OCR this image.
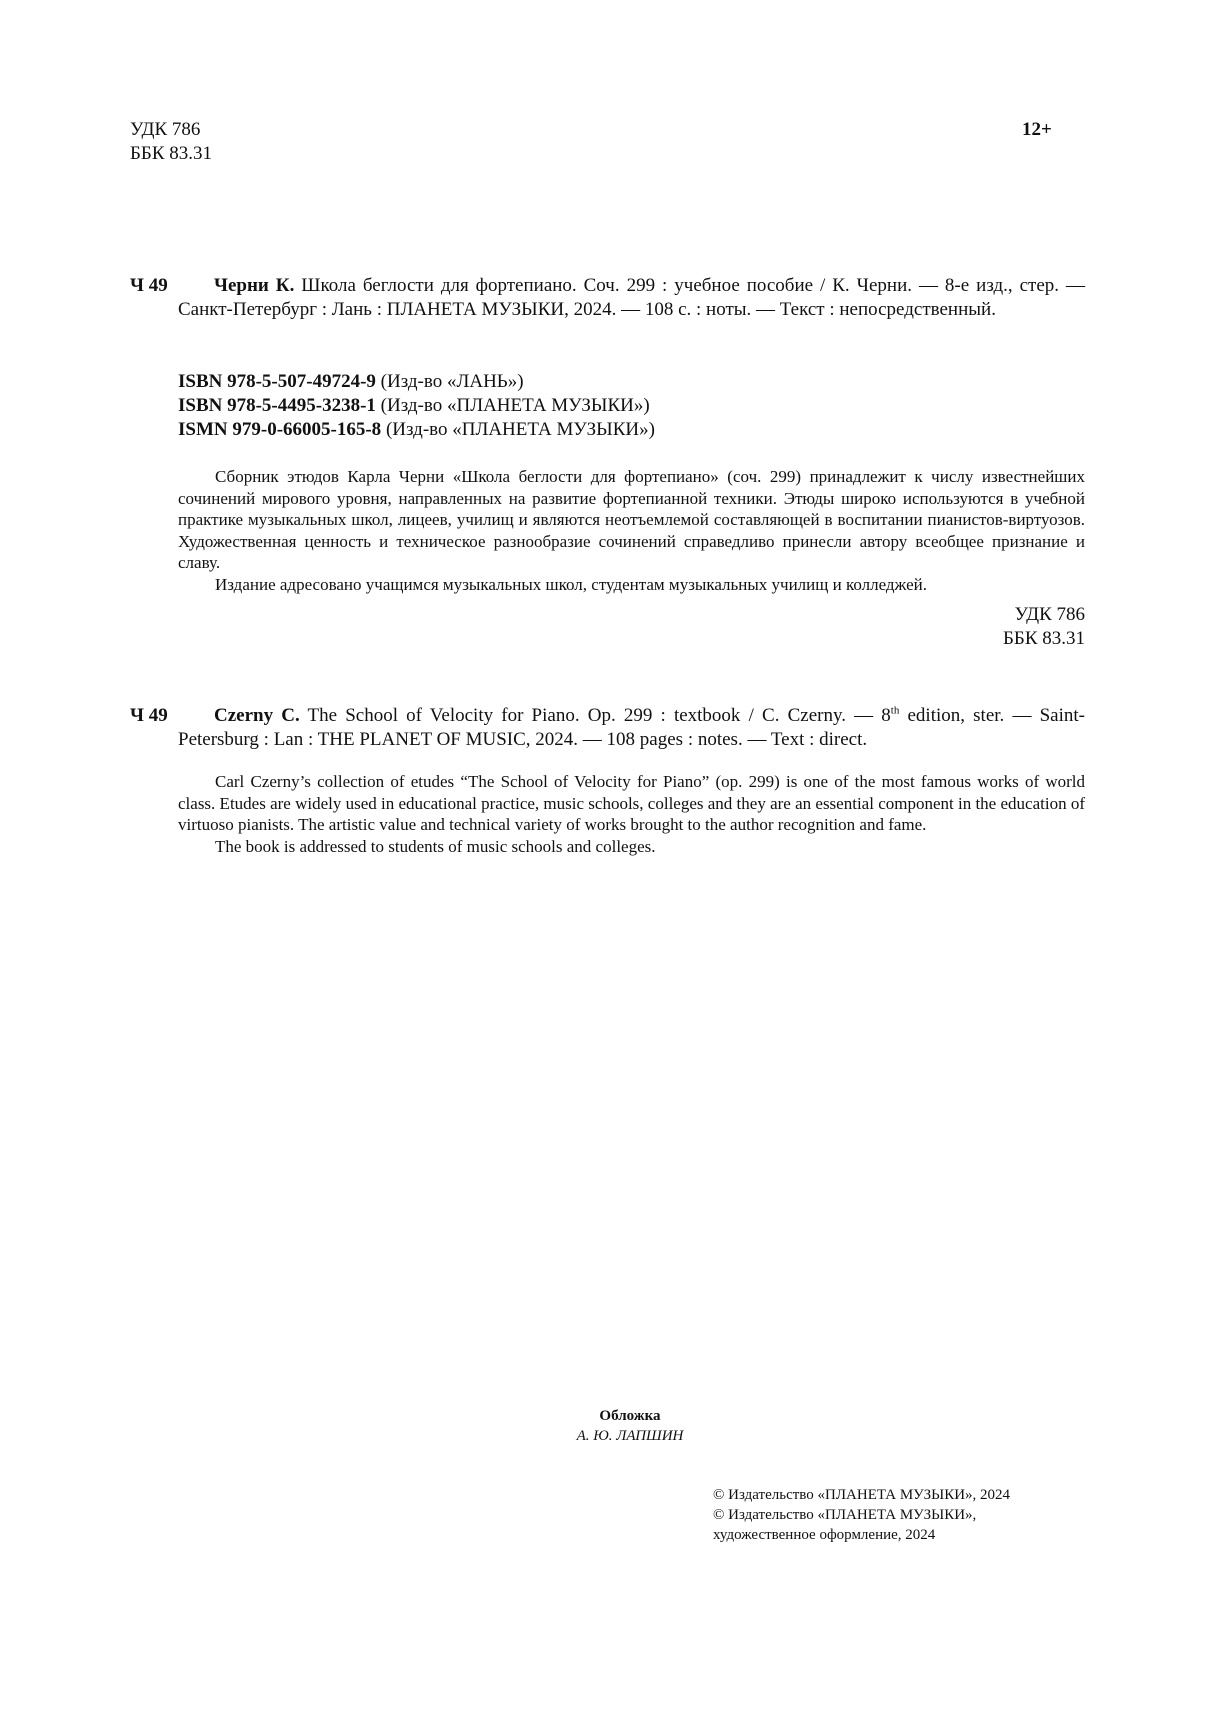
УДК 786
ББК 83.31
12+
Ч 49	Черни К. Школа беглости для фортепиано. Соч. 299 : учебное пособие / К. Черни. — 8-е изд., стер. — Санкт-Петербург : Лань : ПЛАНЕТА МУЗЫКИ, 2024. — 108 с. : ноты. — Текст : непосредственный.

ISBN 978-5-507-49724-9 (Изд-во «ЛАНЬ»)
ISBN 978-5-4495-3238-1 (Изд-во «ПЛАНЕТА МУЗЫКИ»)
ISMN 979-0-66005-165-8 (Изд-во «ПЛАНЕТА МУЗЫКИ»)

Сборник этюдов Карла Черни «Школа беглости для фортепиано» (соч. 299) принадлежит к числу известнейших сочинений мирового уровня, направленных на развитие фортепианной техники. Этюды широко используются в учебной практике музыкальных школ, лицеев, училищ и являются неотъемлемой составляющей в воспитании пианистов-виртуозов. Художественная ценность и техническое разнообразие сочинений справедливо принесли автору всеобщее признание и славу.

Издание адресовано учащимся музыкальных школ, студентам музыкальных училищ и колледжей.

УДК 786
ББК 83.31
Ч 49	Czerny C. The School of Velocity for Piano. Op. 299 : textbook / C. Czerny. — 8th edition, ster. — Saint-Petersburg : Lan : THE PLANET OF MUSIC, 2024. — 108 pages : notes. — Text : direct.

Carl Czerny’s collection of etudes “The School of Velocity for Piano” (op. 299) is one of the most famous works of world class. Etudes are widely used in educational practice, music schools, colleges and they are an essential component in the education of virtuoso pianists. The artistic value and technical variety of works brought to the author recognition and fame.

The book is addressed to students of music schools and colleges.

Обложка
А. Ю. ЛАПШИН
© Издательство «ПЛАНЕТА МУЗЫКИ», 2024
© Издательство «ПЛАНЕТА МУЗЫКИ»,
художественное оформление, 2024
